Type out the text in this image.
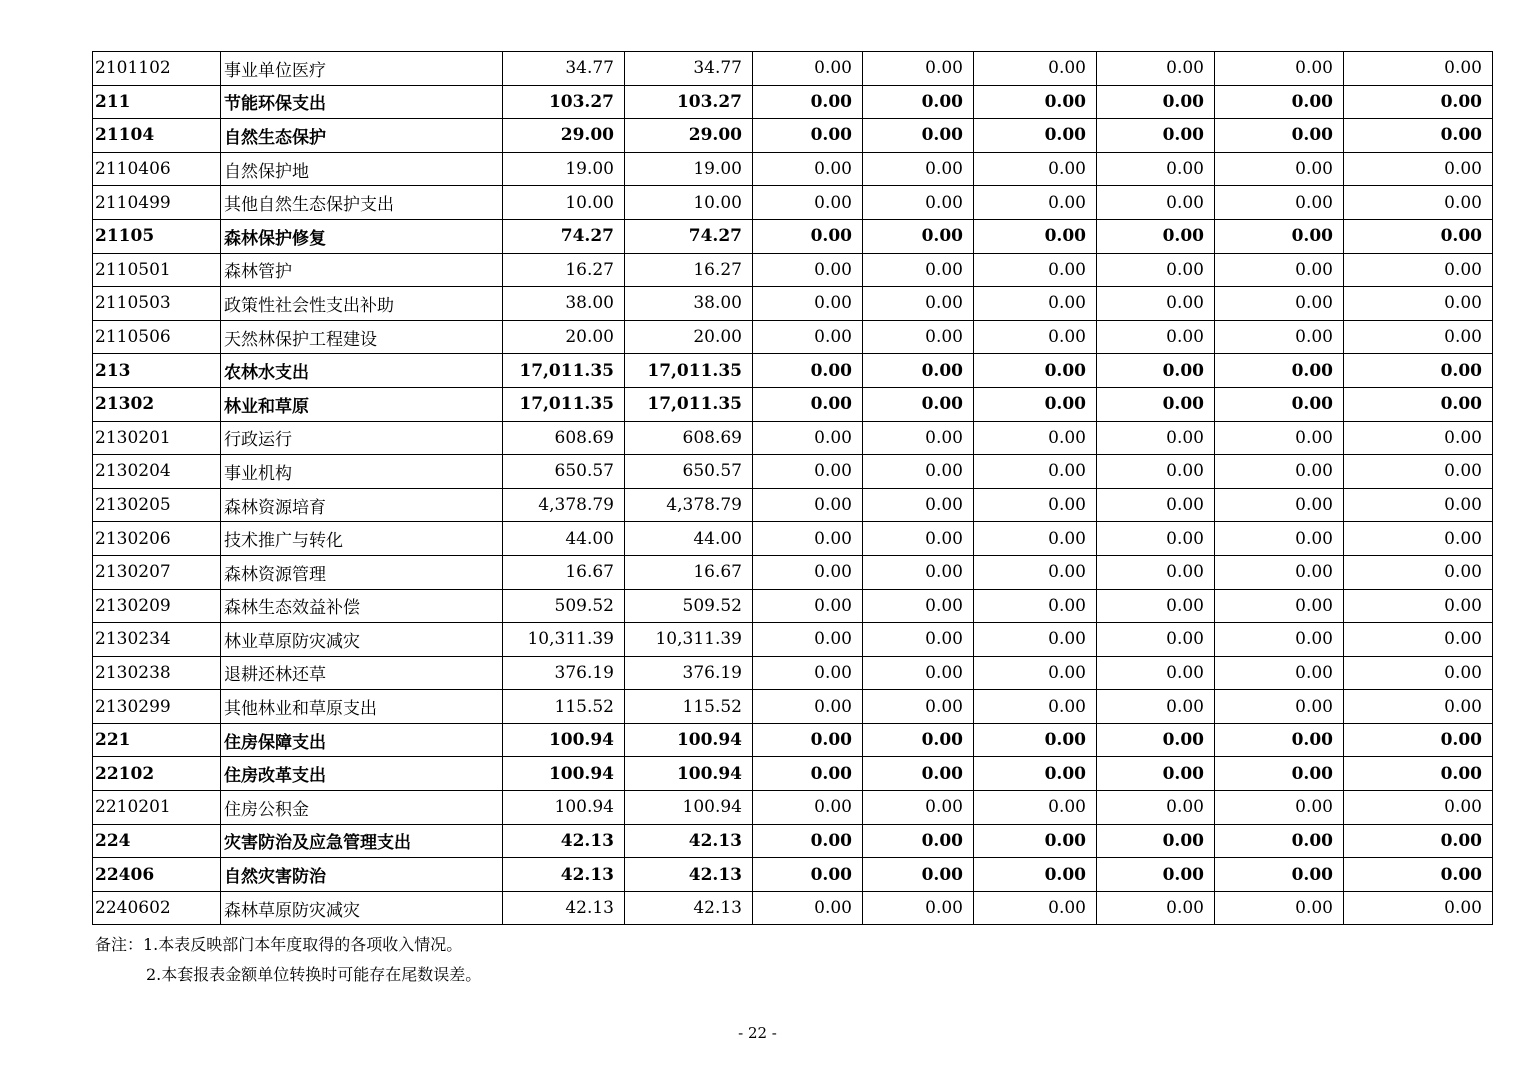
2101102	事业单位医疗	34.77	34.77	0.00	0.00	0.00	0.00	0.00	0.00
211	节能环保支出	103.27	103.27	0.00	0.00	0.00	0.00	0.00	0.00
21104	自然生态保护	29.00	29.00	0.00	0.00	0.00	0.00	0.00	0.00
2110406	自然保护地	19.00	19.00	0.00	0.00	0.00	0.00	0.00	0.00
2110499	其他自然生态保护支出	10.00	10.00	0.00	0.00	0.00	0.00	0.00	0.00
21105	森林保护修复	74.27	74.27	0.00	0.00	0.00	0.00	0.00	0.00
2110501	森林管护	16.27	16.27	0.00	0.00	0.00	0.00	0.00	0.00
2110503	政策性社会性支出补助	38.00	38.00	0.00	0.00	0.00	0.00	0.00	0.00
2110506	天然林保护工程建设	20.00	20.00	0.00	0.00	0.00	0.00	0.00	0.00
213	农林水支出	17,011.35	17,011.35	0.00	0.00	0.00	0.00	0.00	0.00
21302	林业和草原	17,011.35	17,011.35	0.00	0.00	0.00	0.00	0.00	0.00
2130201	行政运行	608.69	608.69	0.00	0.00	0.00	0.00	0.00	0.00
2130204	事业机构	650.57	650.57	0.00	0.00	0.00	0.00	0.00	0.00
2130205	森林资源培育	4,378.79	4,378.79	0.00	0.00	0.00	0.00	0.00	0.00
2130206	技术推广与转化	44.00	44.00	0.00	0.00	0.00	0.00	0.00	0.00
2130207	森林资源管理	16.67	16.67	0.00	0.00	0.00	0.00	0.00	0.00
2130209	森林生态效益补偿	509.52	509.52	0.00	0.00	0.00	0.00	0.00	0.00
2130234	林业草原防灾减灾	10,311.39	10,311.39	0.00	0.00	0.00	0.00	0.00	0.00
2130238	退耕还林还草	376.19	376.19	0.00	0.00	0.00	0.00	0.00	0.00
2130299	其他林业和草原支出	115.52	115.52	0.00	0.00	0.00	0.00	0.00	0.00
221	住房保障支出	100.94	100.94	0.00	0.00	0.00	0.00	0.00	0.00
22102	住房改革支出	100.94	100.94	0.00	0.00	0.00	0.00	0.00	0.00
2210201	住房公积金	100.94	100.94	0.00	0.00	0.00	0.00	0.00	0.00
224	灾害防治及应急管理支出	42.13	42.13	0.00	0.00	0.00	0.00	0.00	0.00
22406	自然灾害防治	42.13	42.13	0.00	0.00	0.00	0.00	0.00	0.00
2240602	森林草原防灾减灾	42.13	42.13	0.00	0.00	0.00	0.00	0.00	0.00
备注：1.本表反映部门本年度取得的各项收入情况。
2.本套报表金额单位转换时可能存在尾数误差。
- 22 -
